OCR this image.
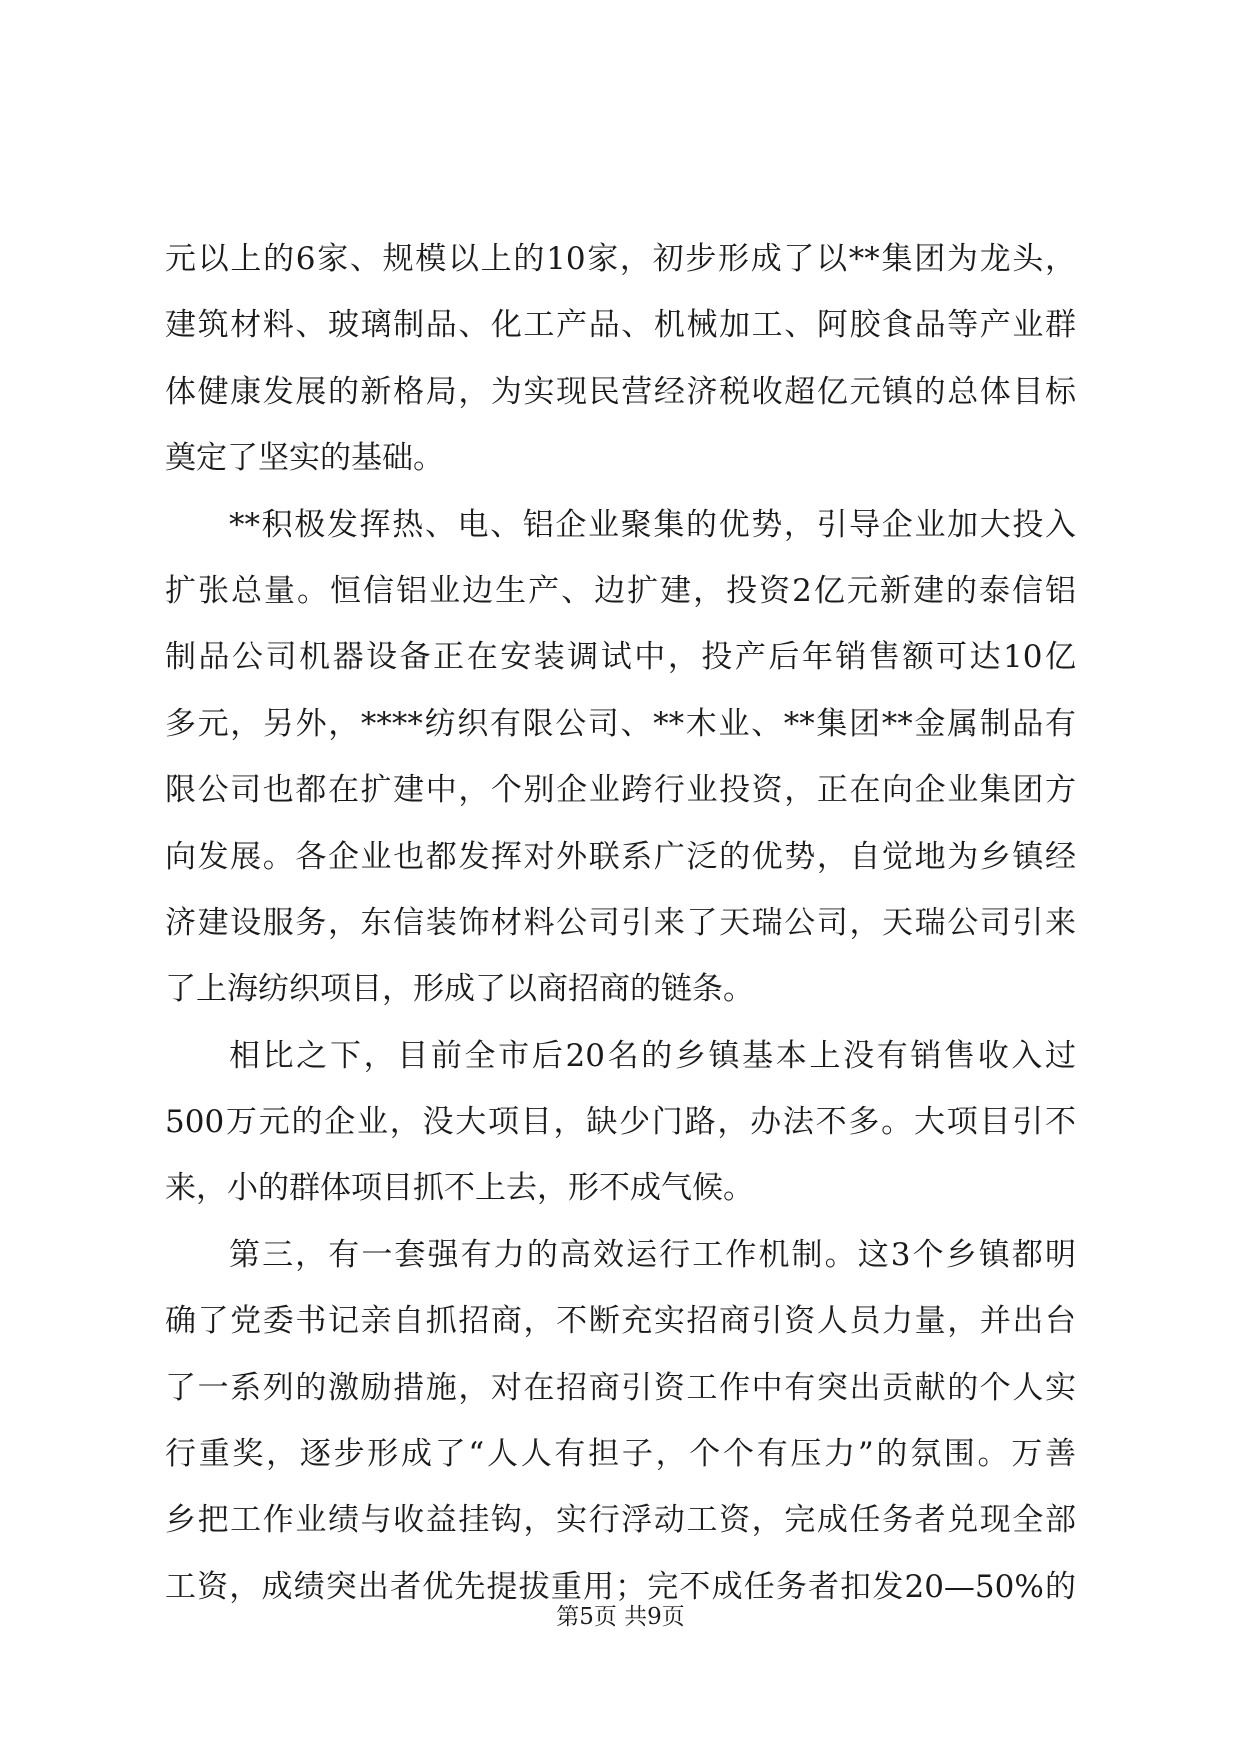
元以上的6家、规模以上的10家，初步形成了以**集团为龙头，
建筑材料、玻璃制品、化工产品、机械加工、阿胶食品等产业群
体健康发展的新格局，为实现民营经济税收超亿元镇的总体目标
奠定了坚实的基础。
**积极发挥热、电、铝企业聚集的优势，引导企业加大投入
扩张总量。恒信铝业边生产、边扩建，投资2亿元新建的泰信铝
制品公司机器设备正在安装调试中，投产后年销售额可达10亿
多元，另外，****纺织有限公司、**木业、**集团**金属制品有
限公司也都在扩建中，个别企业跨行业投资，正在向企业集团方
向发展。各企业也都发挥对外联系广泛的优势，自觉地为乡镇经
济建设服务，东信装饰材料公司引来了天瑞公司，天瑞公司引来
了上海纺织项目，形成了以商招商的链条。
相比之下，目前全市后20名的乡镇基本上没有销售收入过
500万元的企业，没大项目，缺少门路，办法不多。大项目引不
来，小的群体项目抓不上去，形不成气候。
第三，有一套强有力的高效运行工作机制。这3个乡镇都明
确了党委书记亲自抓招商，不断充实招商引资人员力量，并出台
了一系列的激励措施，对在招商引资工作中有突出贡献的个人实
行重奖，逐步形成了“人人有担子，个个有压力”的氛围。万善
乡把工作业绩与收益挂钩，实行浮动工资，完成任务者兑现全部
工资，成绩突出者优先提拔重用；完不成任务者扣发20—50%的
第5页 共9页
